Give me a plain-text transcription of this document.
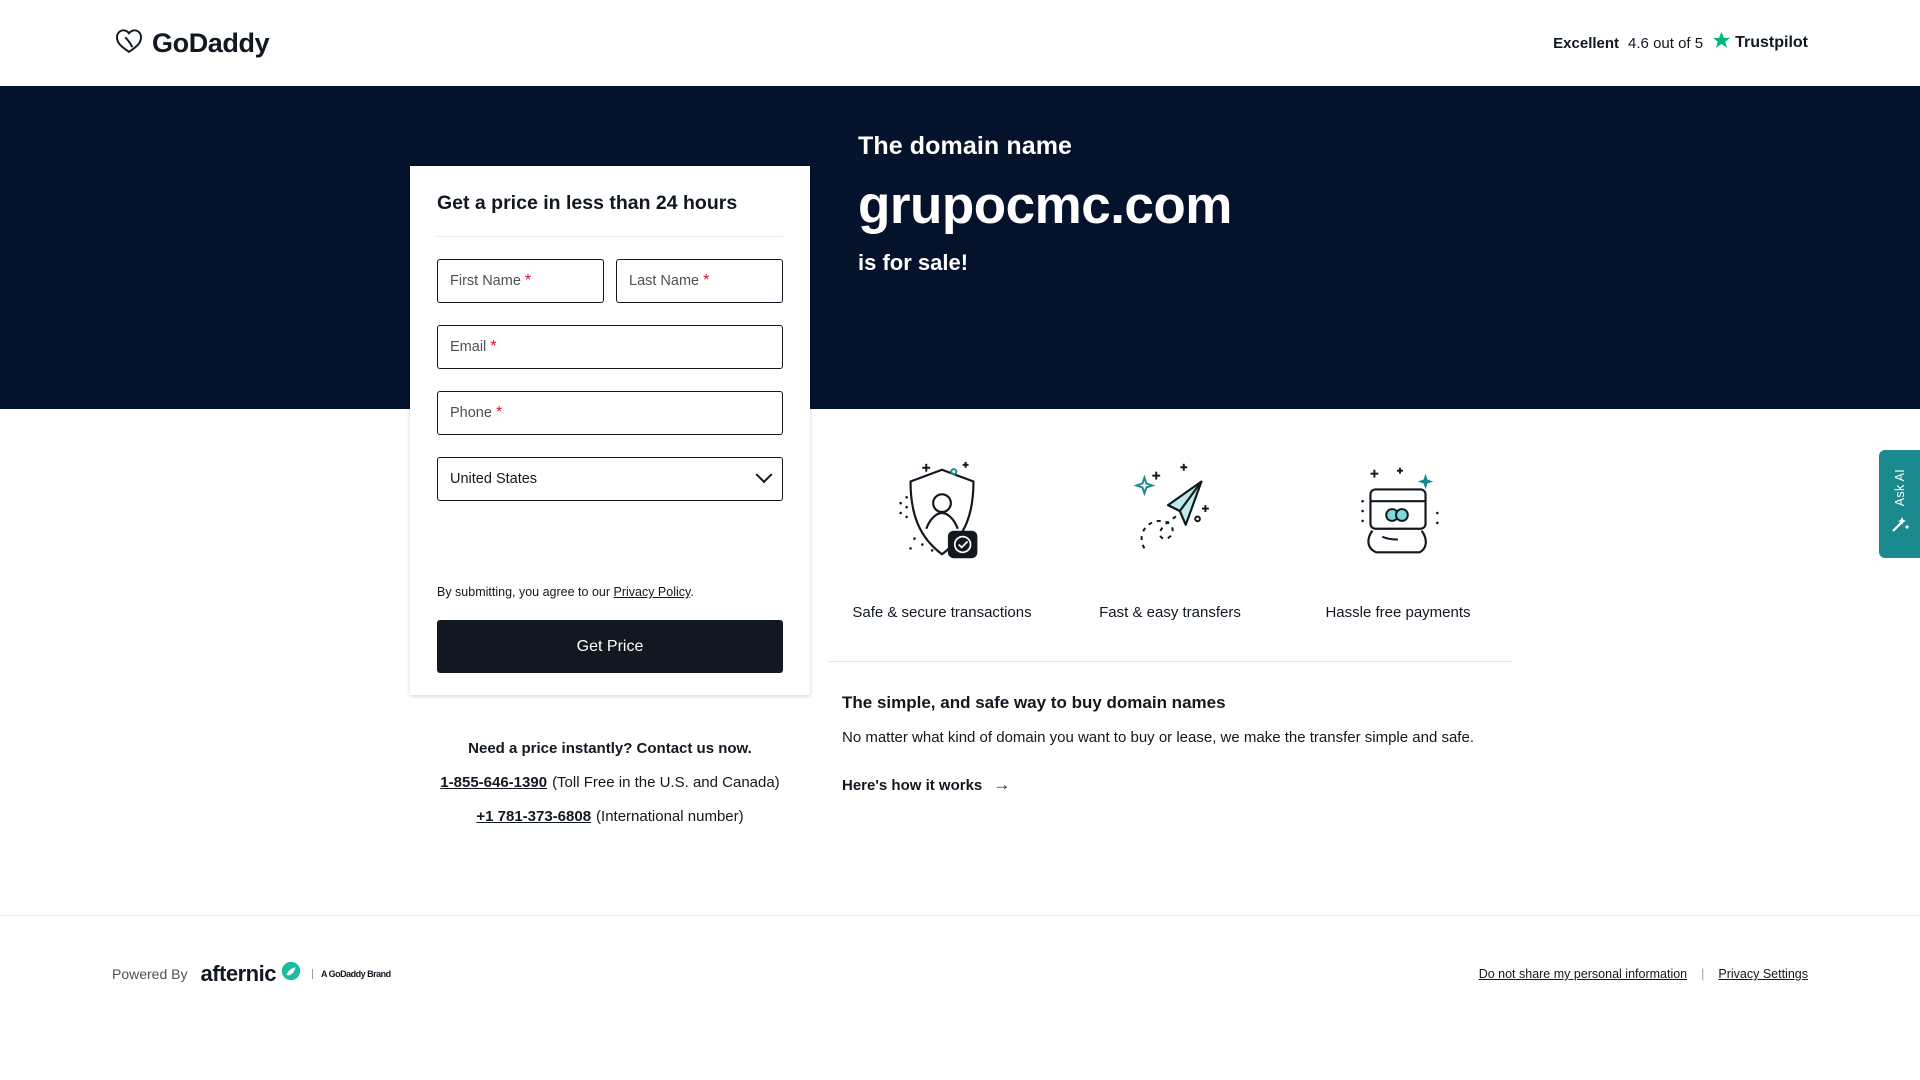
GoDaddy	Excellent 4.6 out of 5 Trustpilot
The domain name
grupocmc.com
is for sale!
Get a price in less than 24 hours
First Name *	Last Name *
Email *
Phone *
United States
By submitting, you agree to our Privacy Policy.
Get Price
Need a price instantly? Contact us now.
1-855-646-1390 (Toll Free in the U.S. and Canada)
+1 781-373-6808 (International number)
Safe & secure transactions	Fast & easy transfers	Hassle free payments
The simple, and safe way to buy domain names
No matter what kind of domain you want to buy or lease, we make the transfer simple and safe.
Here's how it works →
Ask AI
Powered By afternic	A GoDaddy Brand	Do not share my personal information | Privacy Settings
